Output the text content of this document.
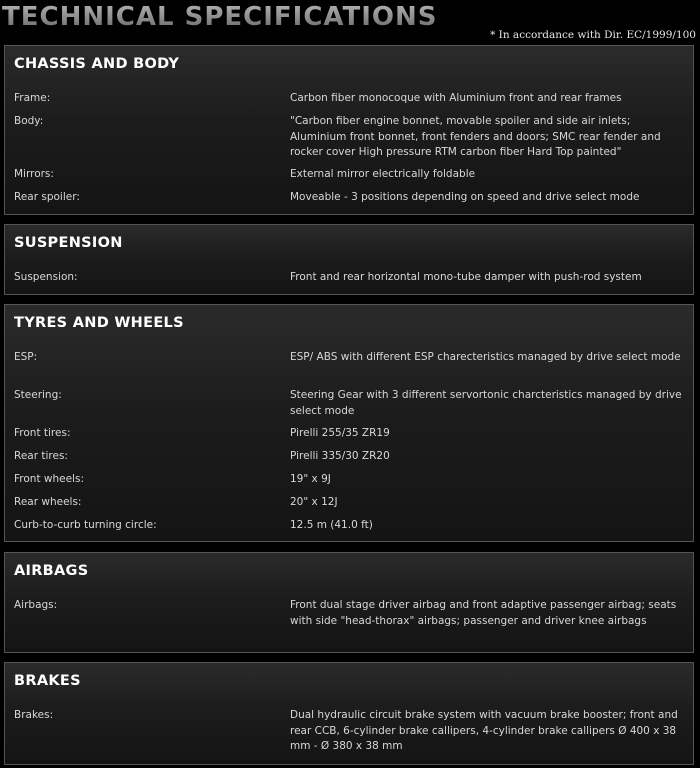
TECHNICAL SPECIFICATIONS
* In accordance with Dir. EC/1999/100
CHASSIS AND BODY
Frame:	Carbon fiber monocoque with Aluminium front and rear frames
Body:	"Carbon fiber engine bonnet, movable spoiler and side air inlets; Aluminium front bonnet, front fenders and doors; SMC rear fender and rocker cover High pressure RTM carbon fiber Hard Top painted"
Mirrors:	External mirror electrically foldable
Rear spoiler:	Moveable - 3 positions depending on speed and drive select mode
SUSPENSION
Suspension:	Front and rear horizontal mono-tube damper with push-rod system
TYRES AND WHEELS
ESP:	ESP/ ABS with different ESP charecteristics managed by drive select mode
Steering:	Steering Gear with 3 different servortonic charcteristics managed by drive select mode
Front tires:	Pirelli 255/35 ZR19
Rear tires:	Pirelli 335/30 ZR20
Front wheels:	19" x 9J
Rear wheels:	20" x 12J
Curb-to-curb turning circle:	12.5 m (41.0 ft)
AIRBAGS
Airbags:	Front dual stage driver airbag and front adaptive passenger airbag; seats with side "head-thorax" airbags; passenger and driver knee airbags
BRAKES
Brakes:	Dual hydraulic circuit brake system with vacuum brake booster; front and rear CCB, 6-cylinder brake callipers, 4-cylinder brake callipers Ø 400 x 38 mm - Ø 380 x 38 mm
